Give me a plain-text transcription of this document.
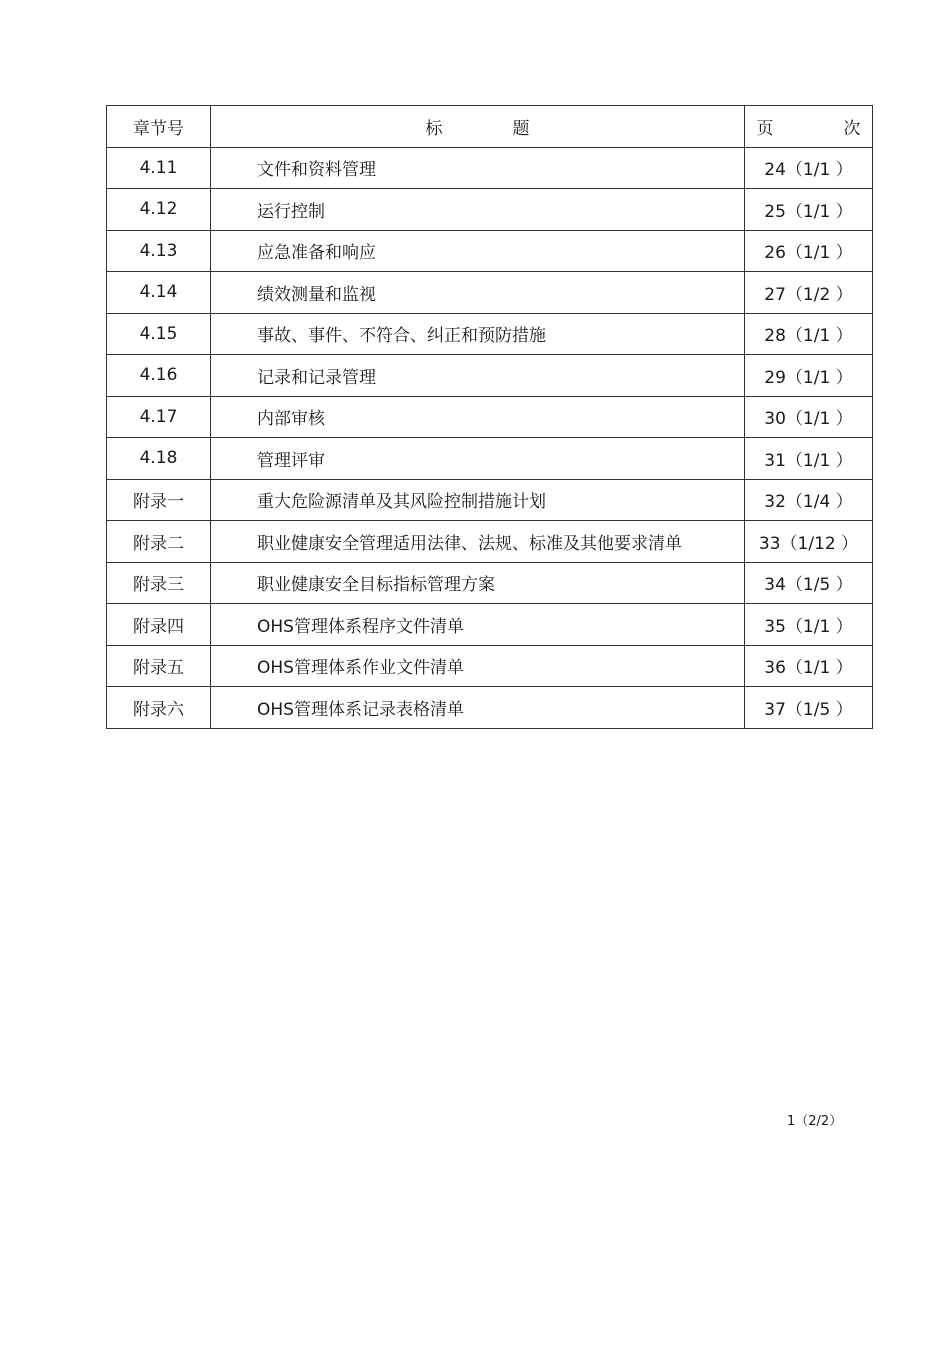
章节号	标 题	页 次
4.11	文件和资料管理	24（1/1 ）
4.12	运行控制	25（1/1 ）
4.13	应急准备和响应	26（1/1 ）
4.14	绩效测量和监视	27（1/2 ）
4.15	事故、事件、不符合、纠正和预防措施	28（1/1 ）
4.16	记录和记录管理	29（1/1 ）
4.17	内部审核	30（1/1 ）
4.18	管理评审	31（1/1 ）
附录一	重大危险源清单及其风险控制措施计划	32（1/4 ）
附录二	职业健康安全管理适用法律、法规、标准及其他要求清单	33（1/12 ）
附录三	职业健康安全目标指标管理方案	34（1/5 ）
附录四	OHS管理体系程序文件清单	35（1/1 ）
附录五	OHS管理体系作业文件清单	36（1/1 ）
附录六	OHS管理体系记录表格清单	37（1/5 ）
1（2/2）
